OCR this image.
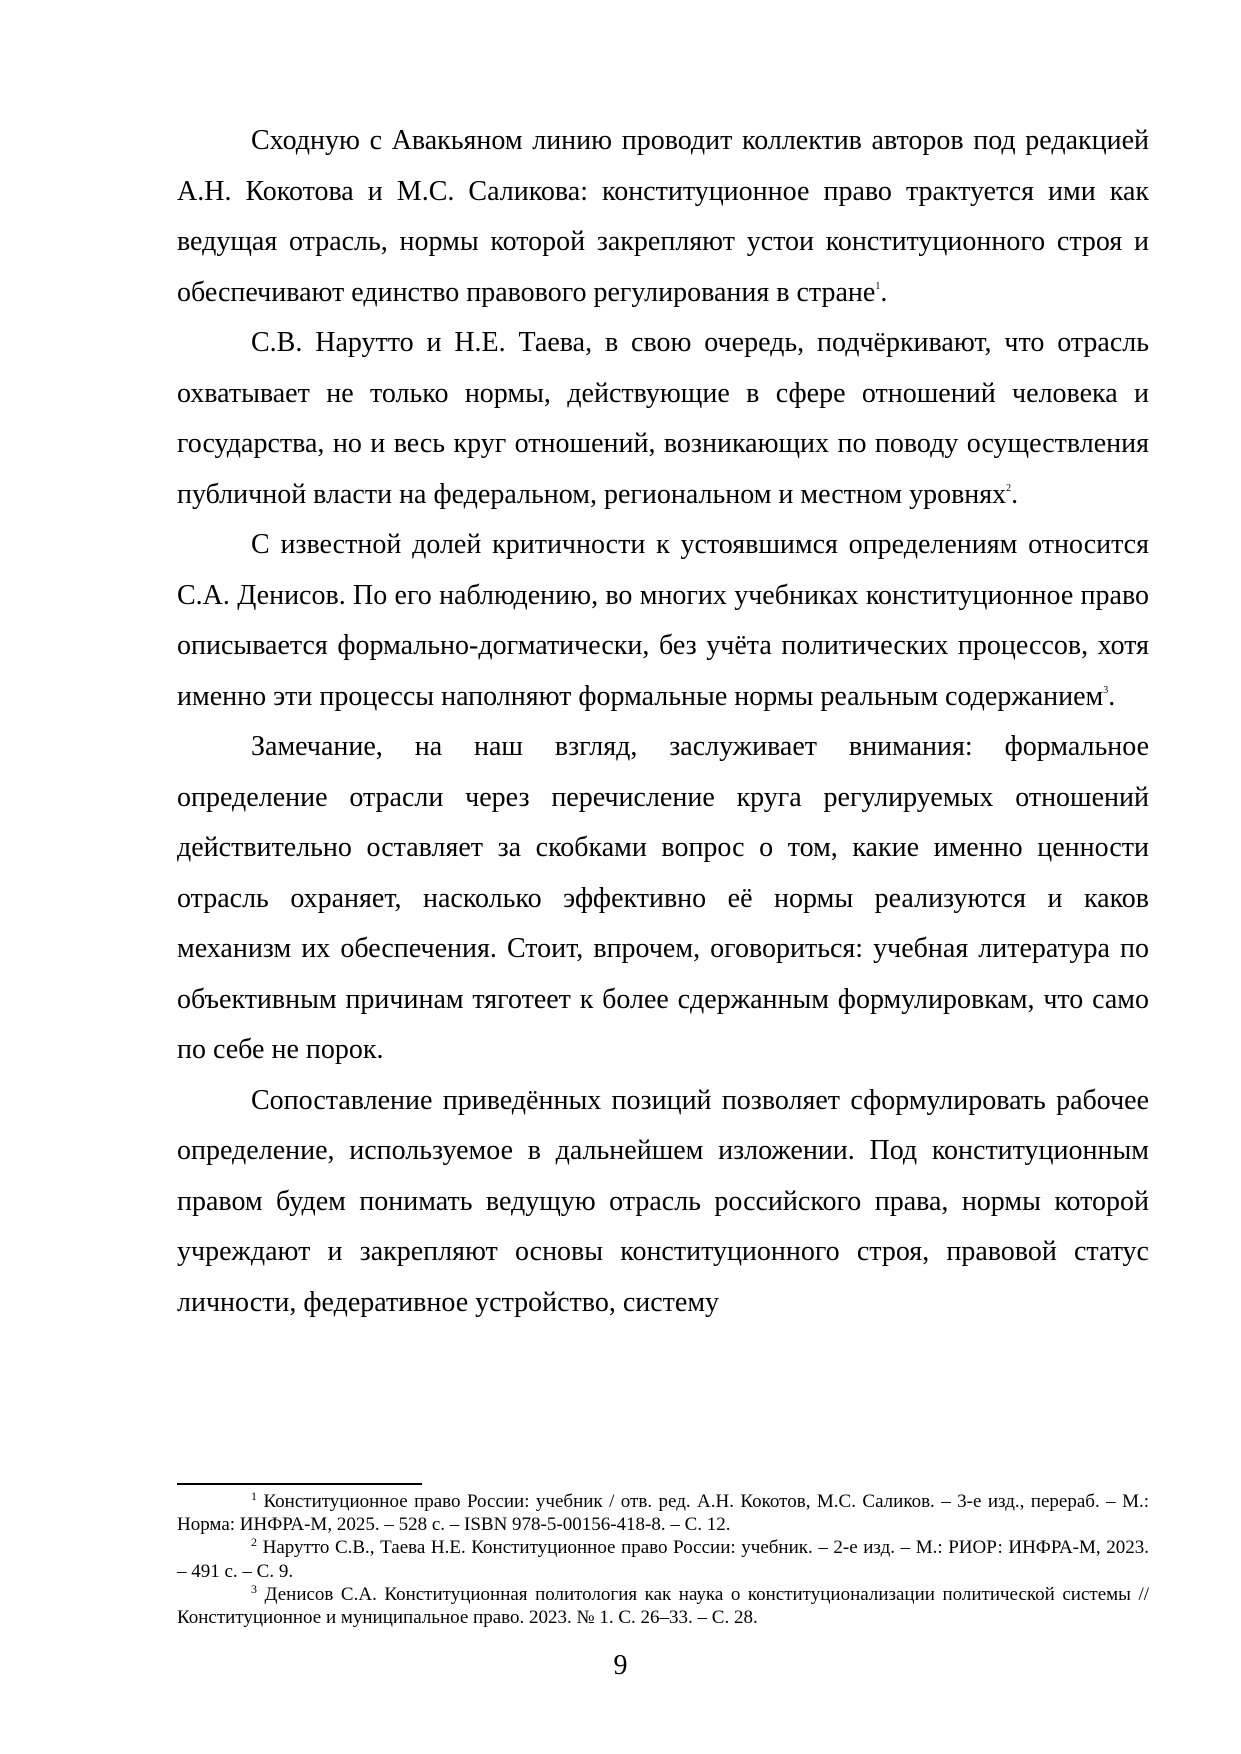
Сходную с Авакьяном линию проводит коллектив авторов под редакцией А.Н. Кокотова и М.С. Саликова: конституционное право трактуется ими как ведущая отрасль, нормы которой закрепляют устои конституционного строя и обеспечивают единство правового регулирования в стране$^1$.

С.В. Нарутто и Н.Е. Таева, в свою очередь, подчёркивают, что отрасль охватывает не только нормы, действующие в сфере отношений человека и государства, но и весь круг отношений, возникающих по поводу осуществления публичной власти на федеральном, региональном и местном уровнях$^2$.

С известной долей критичности к устоявшимся определениям относится С.А. Денисов. По его наблюдению, во многих учебниках конституционное право описывается формально-догматически, без учёта политических процессов, хотя именно эти процессы наполняют формальные нормы реальным содержанием$^3$.

Замечание, на наш взгляд, заслуживает внимания: формальное определение отрасли через перечисление круга регулируемых отношений действительно оставляет за скобками вопрос о том, какие именно ценности отрасль охраняет, насколько эффективно её нормы реализуются и каков механизм их обеспечения. Стоит, впрочем, оговориться: учебная литература по объективным причинам тяготеет к более сдержанным формулировкам, что само по себе не порок.

Сопоставление приведённых позиций позволяет сформулировать рабочее определение, используемое в дальнейшем изложении. Под конституционным правом будем понимать ведущую отрасль российского права, нормы которой учреждают и закрепляют основы конституционного строя, правовой статус личности, федеративное устройство, систему

$^1$ Конституционное право России: учебник / отв. ред. А.Н. Кокотов, М.С. Саликов. – 3-е изд., перераб. – М.: Норма: ИНФРА-М, 2025. – 528 с. – ISBN 978-5-00156-418-8. – С. 12.

$^2$ Нарутто С.В., Таева Н.Е. Конституционное право России: учебник. – 2-е изд. – М.: РИОР: ИНФРА-М, 2023. – 491 с. – С. 9.

$^3$ Денисов С.А. Конституционная политология как наука о конституционализации политической системы // Конституционное и муниципальное право. 2023. № 1. С. 26–33. – С. 28.

9
